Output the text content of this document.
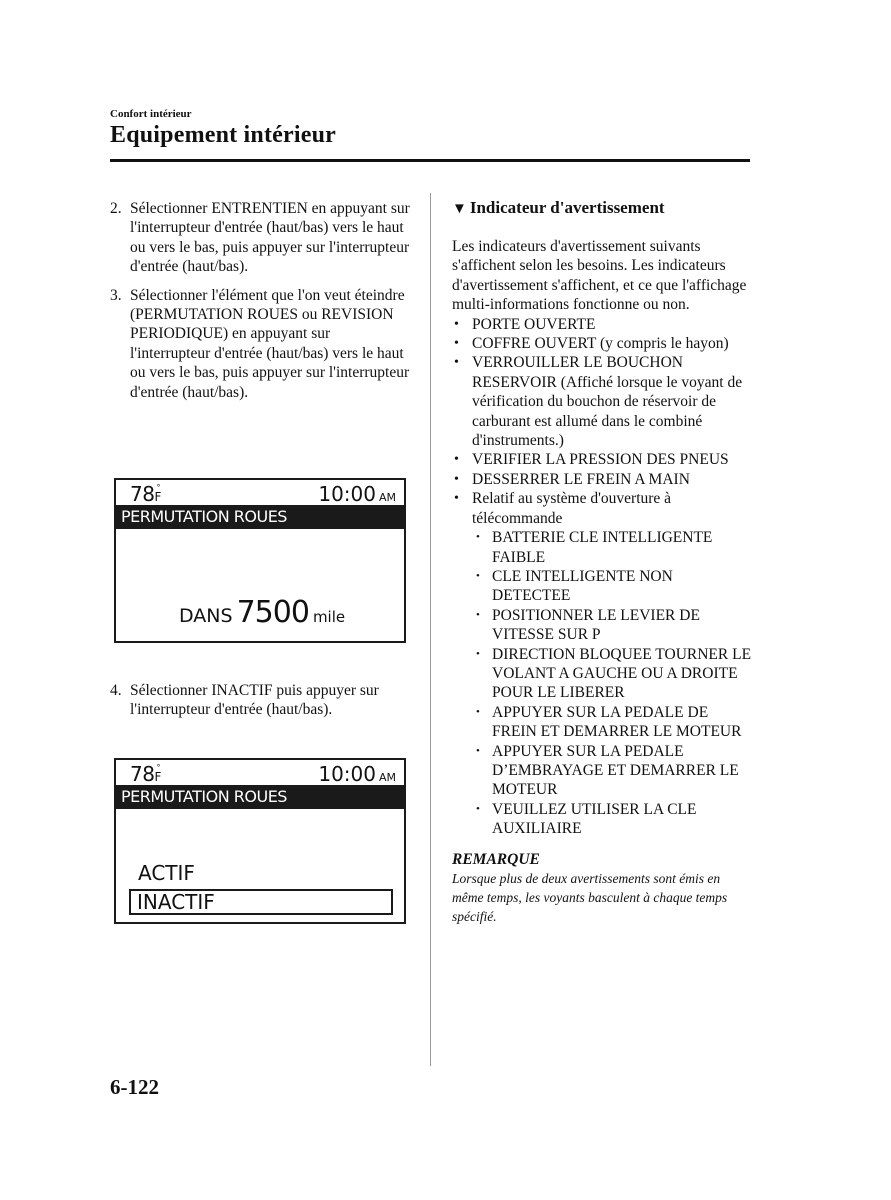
Confort intérieur
Equipement intérieur

2. Sélectionner ENTRENTIEN en appuyant sur l'interrupteur d'entrée (haut/bas) vers le haut ou vers le bas, puis appuyer sur l'interrupteur d'entrée (haut/bas).

3. Sélectionner l'élément que l'on veut éteindre (PERMUTATION ROUES ou REVISION PERIODIQUE) en appuyant sur l'interrupteur d'entrée (haut/bas) vers le haut ou vers le bas, puis appuyer sur l'interrupteur d'entrée (haut/bas).

78 °
F	10:00 AM
PERMUTATION ROUES
DANS 7500 mile

4. Sélectionner INACTIF puis appuyer sur l'interrupteur d'entrée (haut/bas).

78 °
F	10:00 AM
PERMUTATION ROUES
ACTIF
INACTIF
▼ Indicateur d'avertissement

Les indicateurs d'avertissement suivants s'affichent selon les besoins. Les indicateurs d'avertissement s'affichent, et ce que l'affichage multi-informations fonctionne ou non.

• PORTE OUVERTE
• COFFRE OUVERT (y compris le hayon)
• VERROUILLER LE BOUCHON RESERVOIR (Affiché lorsque le voyant de vérification du bouchon de réservoir de carburant est allumé dans le combiné d'instruments.)
• VERIFIER LA PRESSION DES PNEUS
• DESSERRER LE FREIN A MAIN
• Relatif au système d'ouverture à télécommande
• BATTERIE CLE INTELLIGENTE FAIBLE
• CLE INTELLIGENTE NON DETECTEE
• POSITIONNER LE LEVIER DE VITESSE SUR P
• DIRECTION BLOQUEE TOURNER LE VOLANT A GAUCHE OU A DROITE POUR LE LIBERER
• APPUYER SUR LA PEDALE DE FREIN ET DEMARRER LE MOTEUR
• APPUYER SUR LA PEDALE D’EMBRAYAGE ET DEMARRER LE MOTEUR
• VEUILLEZ UTILISER LA CLE AUXILIAIRE
REMARQUE

Lorsque plus de deux avertissements sont émis en même temps, les voyants basculent à chaque temps spécifié.

6-122
